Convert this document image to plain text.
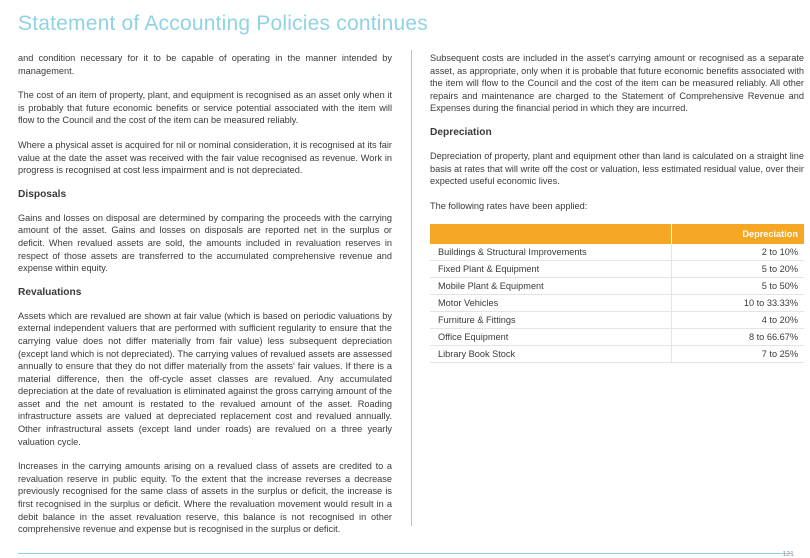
Statement of Accounting Policies continues

and condition necessary for it to be capable of operating in the manner intended by management.

The cost of an item of property, plant, and equipment is recognised as an asset only when it is probably that future economic benefits or service potential associated with the item will flow to the Council and the cost of the item can be measured reliably.

Where a physical asset is acquired for nil or nominal consideration, it is recognised at its fair value at the date the asset was received with the fair value recognised as revenue. Work in progress is recognised at cost less impairment and is not depreciated.

Disposals

Gains and losses on disposal are determined by comparing the proceeds with the carrying amount of the asset. Gains and losses on disposals are reported net in the surplus or deficit. When revalued assets are sold, the amounts included in revaluation reserves in respect of those assets are transferred to the accumulated comprehensive revenue and expense within equity.

Revaluations

Assets which are revalued are shown at fair value (which is based on periodic valuations by external independent valuers that are performed with sufficient regularity to ensure that the carrying value does not differ materially from fair value) less subsequent depreciation (except land which is not depreciated). The carrying values of revalued assets are assessed annually to ensure that they do not differ materially from the assets' fair values. If there is a material difference, then the off-cycle asset classes are revalued. Any accumulated depreciation at the date of revaluation is eliminated against the gross carrying amount of the asset and the net amount is restated to the revalued amount of the asset. Roading infrastructure assets are valued at depreciated replacement cost and revalued annually. Other infrastructural assets (except land under roads) are revalued on a three yearly valuation cycle.

Increases in the carrying amounts arising on a revalued class of assets are credited to a revaluation reserve in public equity. To the extent that the increase reverses a decrease previously recognised for the same class of assets in the surplus or deficit, the increase is first recognised in the surplus or deficit. Where the revaluation movement would result in a debit balance in the asset revaluation reserve, this balance is not recognised in other comprehensive revenue and expense but is recognised in the surplus or deficit.

Subsequent costs are included in the asset's carrying amount or recognised as a separate asset, as appropriate, only when it is probable that future economic benefits associated with the item will flow to the Council and the cost of the item can be measured reliably. All other repairs and maintenance are charged to the Statement of Comprehensive Revenue and Expenses during the financial period in which they are incurred.

Depreciation

Depreciation of property, plant and equipment other than land is calculated on a straight line basis at rates that will write off the cost or valuation, less estimated residual value, over their expected useful economic lives.

The following rates have been applied:

	Depreciation
Buildings & Structural Improvements	2 to 10%
Fixed Plant & Equipment	5 to 20%
Mobile Plant & Equipment	5 to 50%
Motor Vehicles	10 to 33.33%
Furniture & Fittings	4 to 20%
Office Equipment	8 to 66.67%
Library Book Stock	7 to 25%
121
